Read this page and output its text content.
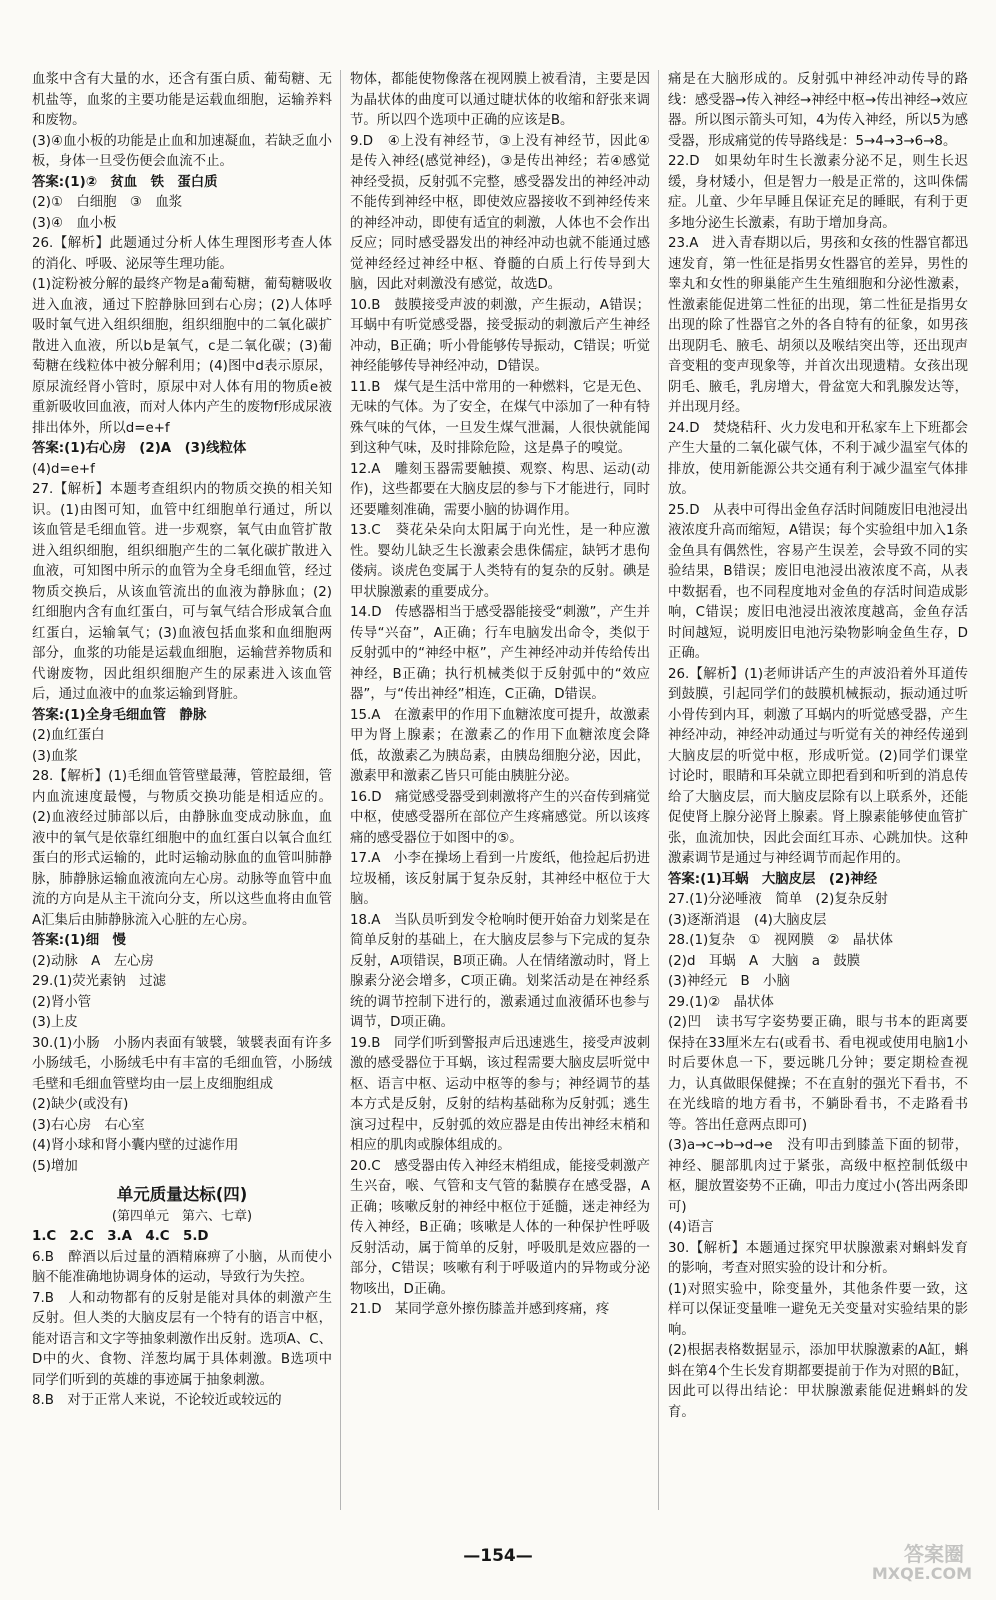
血浆中含有大量的水，还含有蛋白质、葡萄糖、无机盐等，血浆的主要功能是运载血细胞，运输养料和废物。

(3)④血小板的功能是止血和加速凝血，若缺乏血小板，身体一旦受伤便会血流不止。

答案:(1)②　贫血　铁　蛋白质

(2)①　白细胞　③　血浆

(3)④　血小板

26.【解析】此题通过分析人体生理图形考查人体的消化、呼吸、泌尿等生理功能。

(1)淀粉被分解的最终产物是a葡萄糖，葡萄糖吸收进入血液，通过下腔静脉回到右心房；(2)人体呼吸时氧气进入组织细胞，组织细胞中的二氧化碳扩散进入血液，所以b是氧气，c是二氧化碳；(3)葡萄糖在线粒体中被分解利用；(4)图中d表示原尿，原尿流经肾小管时，原尿中对人体有用的物质e被重新吸收回血液，而对人体内产生的废物f形成尿液排出体外，所以d=e+f

答案:(1)右心房　(2)A　(3)线粒体

(4)d=e+f

27.【解析】本题考查组织内的物质交换的相关知识。(1)由图可知，血管中红细胞单行通过，所以该血管是毛细血管。进一步观察，氧气由血管扩散进入组织细胞，组织细胞产生的二氧化碳扩散进入血液，可知图中所示的血管为全身毛细血管，经过物质交换后，从该血管流出的血液为静脉血；(2)红细胞内含有血红蛋白，可与氧气结合形成氧合血红蛋白，运输氧气；(3)血液包括血浆和血细胞两部分，血浆的功能是运载血细胞，运输营养物质和代谢废物，因此组织细胞产生的尿素进入该血管后，通过血液中的血浆运输到肾脏。

答案:(1)全身毛细血管　静脉

(2)血红蛋白

(3)血浆

28.【解析】(1)毛细血管管壁最薄，管腔最细，管内血流速度最慢，与物质交换功能是相适应的。(2)血液经过肺部以后，由静脉血变成动脉血，血液中的氧气是依靠红细胞中的血红蛋白以氧合血红蛋白的形式运输的，此时运输动脉血的血管叫肺静脉，肺静脉运输血液流向左心房。动脉等血管中血流的方向是从主干流向分支，所以这些血将由血管A汇集后由肺静脉流入心脏的左心房。

答案:(1)细　慢

(2)动脉　A　左心房

29.(1)荧光素钠　过滤

(2)肾小管

(3)上皮

30.(1)小肠　小肠内表面有皱襞，皱襞表面有许多小肠绒毛，小肠绒毛中有丰富的毛细血管，小肠绒毛壁和毛细血管壁均由一层上皮细胞组成

(2)缺少(或没有)

(3)右心房　右心室

(4)肾小球和肾小囊内壁的过滤作用

(5)增加

单元质量达标(四)
(第四单元　第六、七章)

1.C　2.C　3.A　4.C　5.D

6.B　醉酒以后过量的酒精麻痹了小脑，从而使小脑不能准确地协调身体的运动，导致行为失控。

7.B　人和动物都有的反射是能对具体的刺激产生反射。但人类的大脑皮层有一个特有的语言中枢，能对语言和文字等抽象刺激作出反射。选项A、C、D中的火、食物、洋葱均属于具体刺激。B选项中同学们听到的英雄的事迹属于抽象刺激。

8.B　对于正常人来说，不论较近或较远的

物体，都能使物像落在视网膜上被看清，主要是因为晶状体的曲度可以通过睫状体的收缩和舒张来调节。所以四个选项中正确的应该是B。

9.D　④上没有神经节，③上没有神经节，因此④是传入神经(感觉神经)，③是传出神经；若④感觉神经受损，反射弧不完整，感受器发出的神经冲动不能传到神经中枢，即使效应器接收不到神经传来的神经冲动，即使有适宜的刺激，人体也不会作出反应；同时感受器发出的神经冲动也就不能通过感觉神经经过神经中枢、脊髓的白质上行传导到大脑，因此对刺激没有感觉，故选D。

10.B　鼓膜接受声波的刺激，产生振动，A错误；耳蜗中有听觉感受器，接受振动的刺激后产生神经冲动，B正确；听小骨能够传导振动，C错误；听觉神经能够传导神经冲动，D错误。

11.B　煤气是生活中常用的一种燃料，它是无色、无味的气体。为了安全，在煤气中添加了一种有特殊气味的气体，一旦发生煤气泄漏，人很快就能闻到这种气味，及时排除危险，这是鼻子的嗅觉。

12.A　雕刻玉器需要触摸、观察、构思、运动(动作)，这些都要在大脑皮层的参与下才能进行，同时还要雕刻准确，需要小脑的协调作用。

13.C　葵花朵朵向太阳属于向光性，是一种应激性。婴幼儿缺乏生长激素会患侏儒症，缺钙才患佝偻病。谈虎色变属于人类特有的复杂的反射。碘是甲状腺激素的重要成分。

14.D　传感器相当于感受器能接受“刺激”，产生并传导“兴奋”，A正确；行车电脑发出命令，类似于反射弧中的“神经中枢”，产生神经冲动并传给传出神经，B正确；执行机械类似于反射弧中的“效应器”，与“传出神经”相连，C正确，D错误。

15.A　在激素甲的作用下血糖浓度可提升，故激素甲为肾上腺素；在激素乙的作用下血糖浓度会降低，故激素乙为胰岛素，由胰岛细胞分泌，因此，激素甲和激素乙皆只可能由胰脏分泌。

16.D　痛觉感受器受到刺激将产生的兴奋传到痛觉中枢，使感受器所在部位产生疼痛感觉。所以该疼痛的感受器位于如图中的⑤。

17.A　小李在操场上看到一片废纸，他捡起后扔进垃圾桶，该反射属于复杂反射，其神经中枢位于大脑。

18.A　当队员听到发令枪响时便开始奋力划桨是在简单反射的基础上，在大脑皮层参与下完成的复杂反射，A项错误，B项正确。人在情绪激动时，肾上腺素分泌会增多，C项正确。划桨活动是在神经系统的调节控制下进行的，激素通过血液循环也参与调节，D项正确。

19.B　同学们听到警报声后迅速逃生，接受声波刺激的感受器位于耳蜗，该过程需要大脑皮层听觉中枢、语言中枢、运动中枢等的参与；神经调节的基本方式是反射，反射的结构基础称为反射弧；逃生演习过程中，反射弧的效应器是由传出神经末梢和相应的肌肉或腺体组成的。

20.C　感受器由传入神经末梢组成，能接受刺激产生兴奋，喉、气管和支气管的黏膜存在感受器，A正确；咳嗽反射的神经中枢位于延髓，迷走神经为传入神经，B正确；咳嗽是人体的一种保护性呼吸反射活动，属于简单的反射，呼吸肌是效应器的一部分，C错误；咳嗽有利于呼吸道内的异物或分泌物咳出，D正确。

21.D　某同学意外擦伤膝盖并感到疼痛，疼

痛是在大脑形成的。反射弧中神经冲动传导的路线：感受器→传入神经→神经中枢→传出神经→效应器。所以图示箭头可知，4为传入神经，所以5为感受器，形成痛觉的传导路线是：5→4→3→6→8。

22.D　如果幼年时生长激素分泌不足，则生长迟缓，身材矮小，但是智力一般是正常的，这叫侏儒症。儿童、少年早睡且保证充足的睡眠，有利于更多地分泌生长激素，有助于增加身高。

23.A　进入青春期以后，男孩和女孩的性器官都迅速发育，第一性征是指男女性器官的差异，男性的睾丸和女性的卵巢能产生生殖细胞和分泌性激素，性激素能促进第二性征的出现，第二性征是指男女出现的除了性器官之外的各自特有的征象，如男孩出现阴毛、腋毛、胡须以及喉结突出等，还出现声音变粗的变声现象等，并首次出现遗精。女孩出现阴毛、腋毛，乳房增大，骨盆宽大和乳腺发达等，并出现月经。

24.D　焚烧秸秆、火力发电和开私家车上下班都会产生大量的二氧化碳气体，不利于减少温室气体的排放，使用新能源公共交通有利于减少温室气体排放。

25.D　从表中可得出金鱼存活时间随废旧电池浸出液浓度升高而缩短，A错误；每个实验组中加入1条金鱼具有偶然性，容易产生误差，会导致不同的实验结果，B错误；废旧电池浸出液浓度不高，从表中数据看，也不同程度地对金鱼的存活时间造成影响，C错误；废旧电池浸出液浓度越高，金鱼存活时间越短，说明废旧电池污染物影响金鱼生存，D正确。

26.【解析】(1)老师讲话产生的声波沿着外耳道传到鼓膜，引起同学们的鼓膜机械振动，振动通过听小骨传到内耳，刺激了耳蜗内的听觉感受器，产生神经冲动，神经冲动通过与听觉有关的神经传递到大脑皮层的听觉中枢，形成听觉。(2)同学们课堂讨论时，眼睛和耳朵就立即把看到和听到的消息传给了大脑皮层，而大脑皮层除有以上联系外，还能促使肾上腺分泌肾上腺素。肾上腺素能够使血管扩张，血流加快，因此会面红耳赤、心跳加快。这种激素调节是通过与神经调节而起作用的。

答案:(1)耳蜗　大脑皮层　(2)神经

27.(1)分泌唾液　简单　(2)复杂反射

(3)逐渐消退　(4)大脑皮层

28.(1)复杂　①　视网膜　②　晶状体

(2)d　耳蜗　A　大脑　a　鼓膜

(3)神经元　B　小脑

29.(1)②　晶状体

(2)凹　读书写字姿势要正确，眼与书本的距离要保持在33厘米左右(或看书、看电视或使用电脑1小时后要休息一下，要远眺几分钟；要定期检查视力，认真做眼保健操；不在直射的强光下看书，不在光线暗的地方看书，不躺卧看书，不走路看书等。答出任意两点即可)

(3)a→c→b→d→e　没有叩击到膝盖下面的韧带，神经、腿部肌肉过于紧张，高级中枢控制低级中枢，腿放置姿势不正确，叩击力度过小(答出两条即可)

(4)语言

30.【解析】本题通过探究甲状腺激素对蝌蚪发育的影响，考查对照实验的设计和分析。

(1)对照实验中，除变量外，其他条件要一致，这样可以保证变量唯一避免无关变量对实验结果的影响。

(2)根据表格数据显示，添加甲状腺激素的A缸，蝌蚪在第4个生长发育期都要提前于作为对照的B缸，因此可以得出结论：甲状腺激素能促进蝌蚪的发育。

—154—	答案圈
MXQE.COM
